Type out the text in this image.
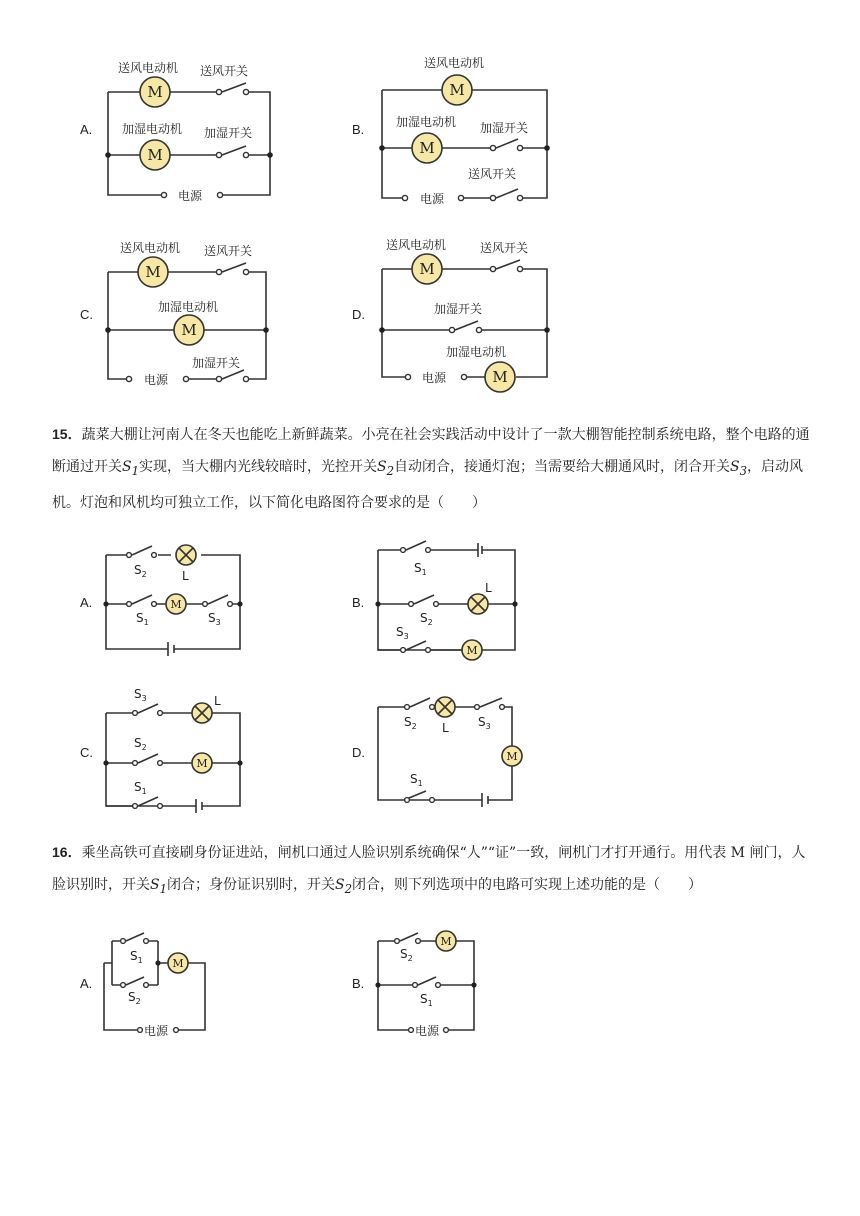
A.
送风电动机 送风开关
M
加湿电动机 加湿开关
M
电源
B.
送风电动机
M
加湿电动机 加湿开关
M
送风开关
电源
C.
送风电动机 送风开关
M
加湿电动机
M
加湿开关
电源
D.
送风电动机	送风开关
M
加湿开关
加湿电动机
电源	M
15．蔬菜大棚让河南人在冬天也能吃上新鲜蔬菜。小亮在社会实践活动中设计了一款大棚智能控制系统电路，整个电路的通断通过开关$S_1$实现，当大棚内光线较暗时，光控开关$S_2$自动闭合，接通灯泡；当需要给大棚通风时，闭合开关$S_3$，启动风机。灯泡和风机均可独立工作，以下简化电路图符合要求的是（　　）
A.
$S_2$	L
M
$S_1$	$S_3$
B.
$S_1$
L
$S_2$
$S_3$
M
C.
$S_3$	L
$S_2$
M
$S_1$
D.
$S_2$ L $S_3$
M
$S_1$
16．乘坐高铁可直接刷身份证进站，闸机口通过人脸识别系统确保“人”“证”一致，闸机门才打开通行。用代表 M 闸门，人脸识别时，开关$S_1$闭合；身份证识别时，开关$S_2$闭合，则下列选项中的电路可实现上述功能的是（　　）
A.
$S_1$
$S_2$
M
电源
B.
M
$S_2$
$S_1$
电源
